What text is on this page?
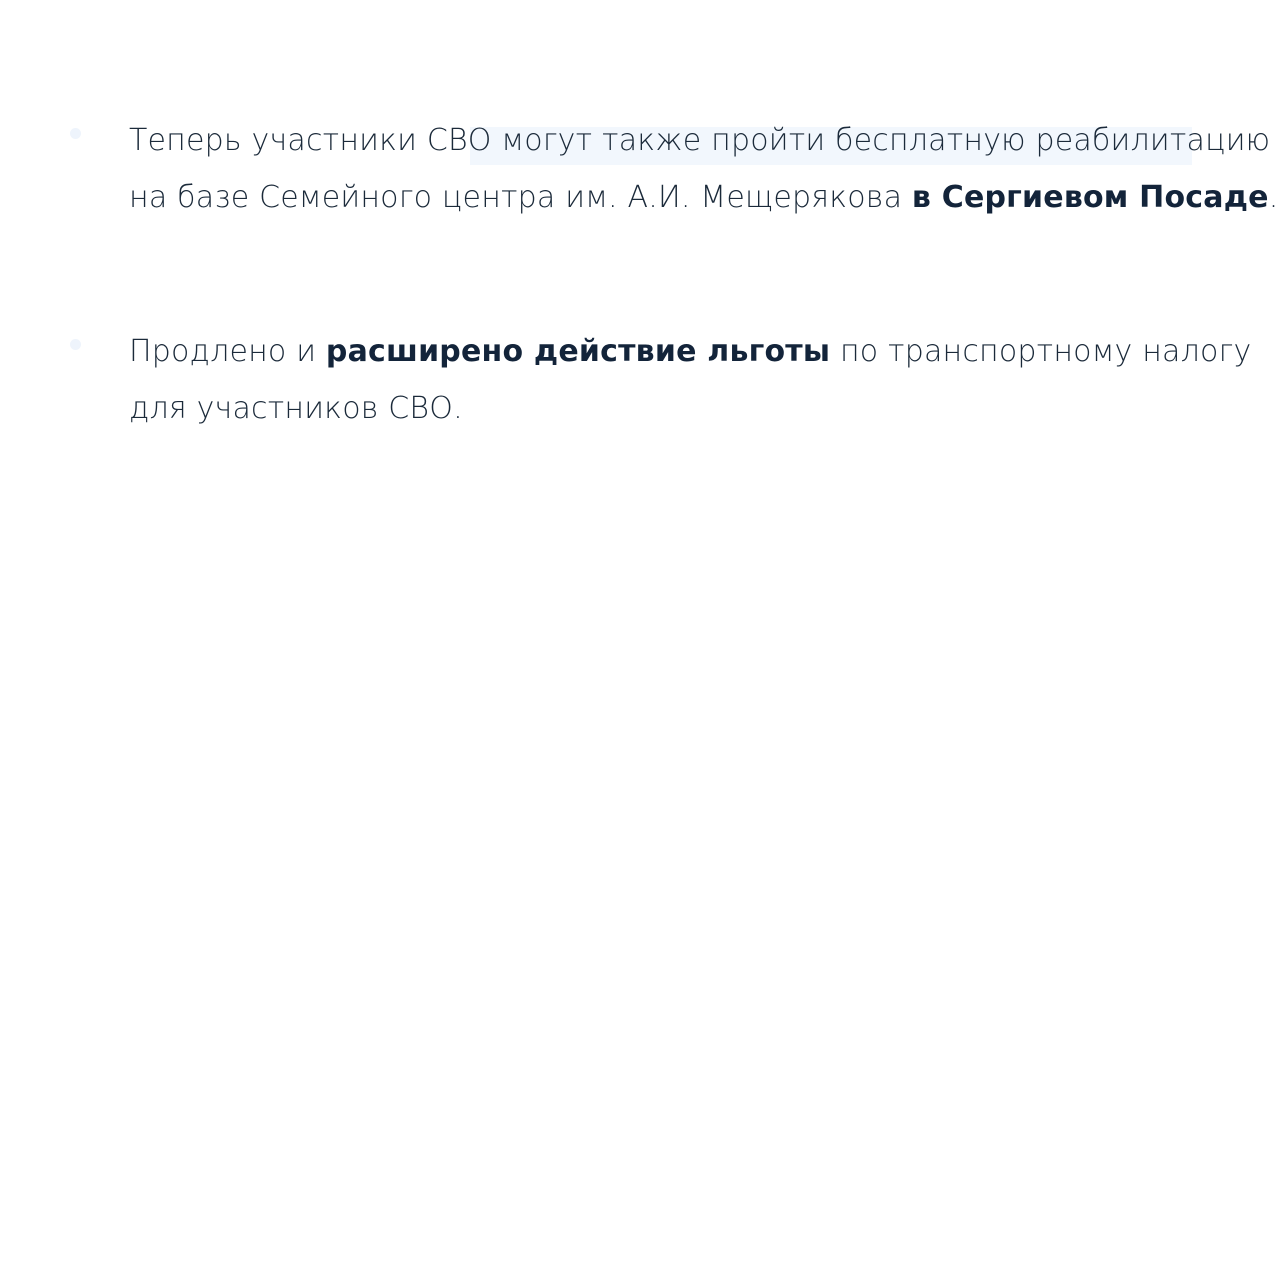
Теперь участники СВО могут также пройти бесплатную реабилитацию
на базе Семейного центра им. А.И. Мещерякова в Сергиевом Посаде.
Продлено и расширено действие льготы по транспортному налогу
для участников СВО.
